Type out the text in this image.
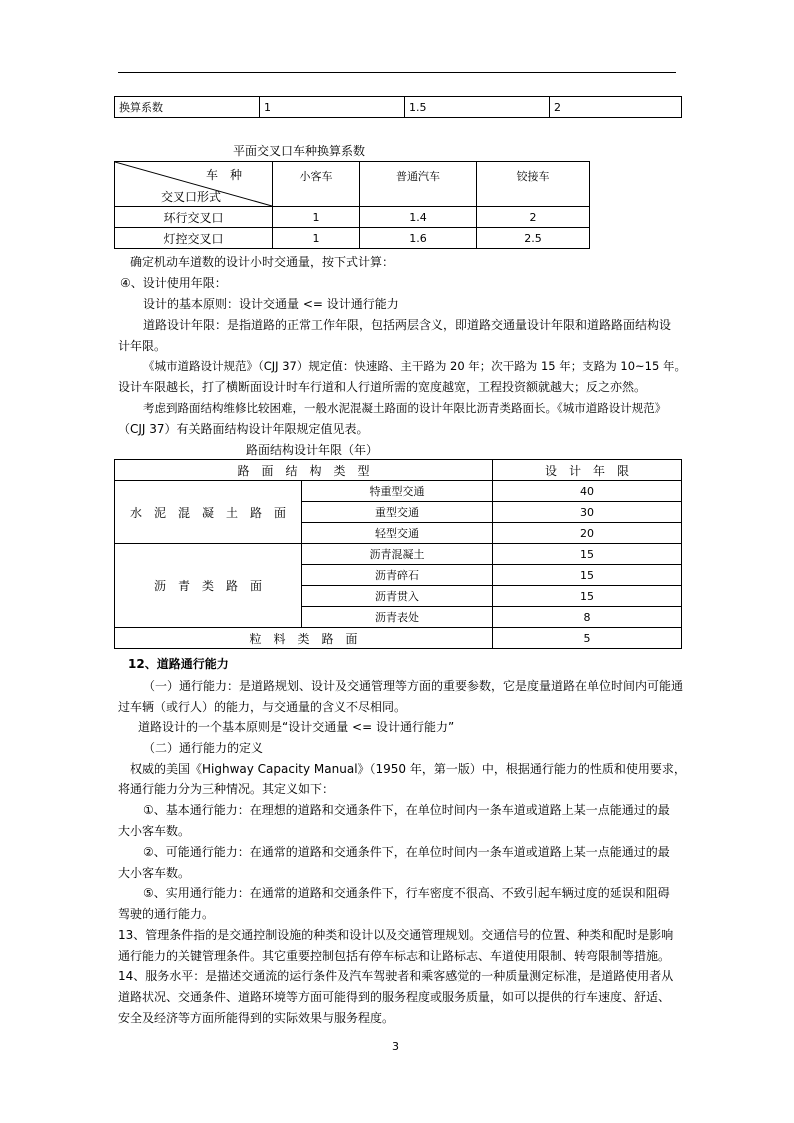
换算系数	1	1.5	2
平面交叉口车种换算系数
车　种
交叉口形式	小客车	普通汽车	铰接车
环行交叉口	1	1.4	2
灯控交叉口	1	1.6	2.5
确定机动车道数的设计小时交通量，按下式计算：
④、设计使用年限：
设计的基本原则：设计交通量 <= 设计通行能力
道路设计年限：是指道路的正常工作年限，包括两层含义，即道路交通量设计年限和道路路面结构设
计年限。
《城市道路设计规范》（CJJ 37）规定值：快速路、主干路为 20 年；次干路为 15 年；支路为 10~15 年。
设计车限越长，打了横断面设计时车行道和人行道所需的宽度越宽，工程投资额就越大；反之亦然。
考虑到路面结构维修比较困难，一般水泥混凝土路面的设计年限比沥青类路面长。《城市道路设计规范》
（CJJ 37）有关路面结构设计年限规定值见表。
路面结构设计年限（年）
路　面　结　构　类　型		设　计　年　限
水　泥　混　凝　土　路　面	特重型交通	40
	重型交通	30
	轻型交通	20
沥　青　类　路　面	沥青混凝土	15
	沥青碎石	15
	沥青贯入	15
	沥青表处	8
粒　料　类　路　面		5
12、道路通行能力
（一）通行能力：是道路规划、设计及交通管理等方面的重要参数，它是度量道路在单位时间内可能通
过车辆（或行人）的能力，与交通量的含义不尽相同。
道路设计的一个基本原则是“设计交通量 <= 设计通行能力”
（二）通行能力的定义
权威的美国《Highway Capacity Manual》（1950 年，第一版）中，根据通行能力的性质和使用要求，
将通行能力分为三种情况。其定义如下：
①、基本通行能力：在理想的道路和交通条件下，在单位时间内一条车道或道路上某一点能通过的最
大小客车数。
②、可能通行能力：在通常的道路和交通条件下，在单位时间内一条车道或道路上某一点能通过的最
大小客车数。
⑤、实用通行能力：在通常的道路和交通条件下，行车密度不很高、不致引起车辆过度的延误和阻碍
驾驶的通行能力。
13、管理条件指的是交通控制设施的种类和设计以及交通管理规划。交通信号的位置、种类和配时是影响
通行能力的关键管理条件。其它重要控制包括有停车标志和让路标志、车道使用限制、转弯限制等措施。
14、服务水平：是描述交通流的运行条件及汽车驾驶者和乘客感觉的一种质量测定标准，是道路使用者从
道路状况、交通条件、道路环境等方面可能得到的服务程度或服务质量，如可以提供的行车速度、舒适、
安全及经济等方面所能得到的实际效果与服务程度。
3
